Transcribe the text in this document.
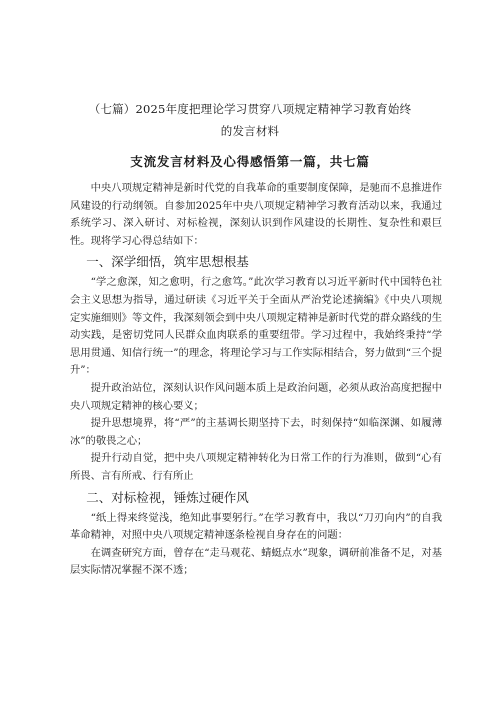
（七篇）2025年度把理论学习贯穿八项规定精神学习教育始终
的发言材料
支流发言材料及心得感悟第一篇，共七篇

中央八项规定精神是新时代党的自我革命的重要制度保障，是驰而不息推进作风建设的行动纲领。自参加2025年中央八项规定精神学习教育活动以来，我通过系统学习、深入研讨、对标检视，深刻认识到作风建设的长期性、复杂性和艰巨性。现将学习心得总结如下：

一、深学细悟，筑牢思想根基

“学之愈深，知之愈明，行之愈笃。”此次学习教育以习近平新时代中国特色社会主义思想为指导，通过研读《习近平关于全面从严治党论述摘编》《中央八项规定实施细则》等文件，我深刻领会到中央八项规定精神是新时代党的群众路线的生动实践，是密切党同人民群众血肉联系的重要纽带。学习过程中，我始终秉持“学思用贯通、知信行统一”的理念，将理论学习与工作实际相结合，努力做到“三个提升”：

提升政治站位，深刻认识作风问题本质上是政治问题，必须从政治高度把握中央八项规定精神的核心要义；

提升思想境界，将“严”的主基调长期坚持下去，时刻保持“如临深渊、如履薄冰”的敬畏之心；

提升行动自觉，把中央八项规定精神转化为日常工作的行为准则，做到“心有所畏、言有所戒、行有所止

二、对标检视，锤炼过硬作风

“纸上得来终觉浅，绝知此事要躬行。”在学习教育中，我以“刀刃向内”的自我革命精神，对照中央八项规定精神逐条检视自身存在的问题：

在调查研究方面，曾存在“走马观花、蜻蜓点水”现象，调研前准备不足，对基层实际情况掌握不深不透；
